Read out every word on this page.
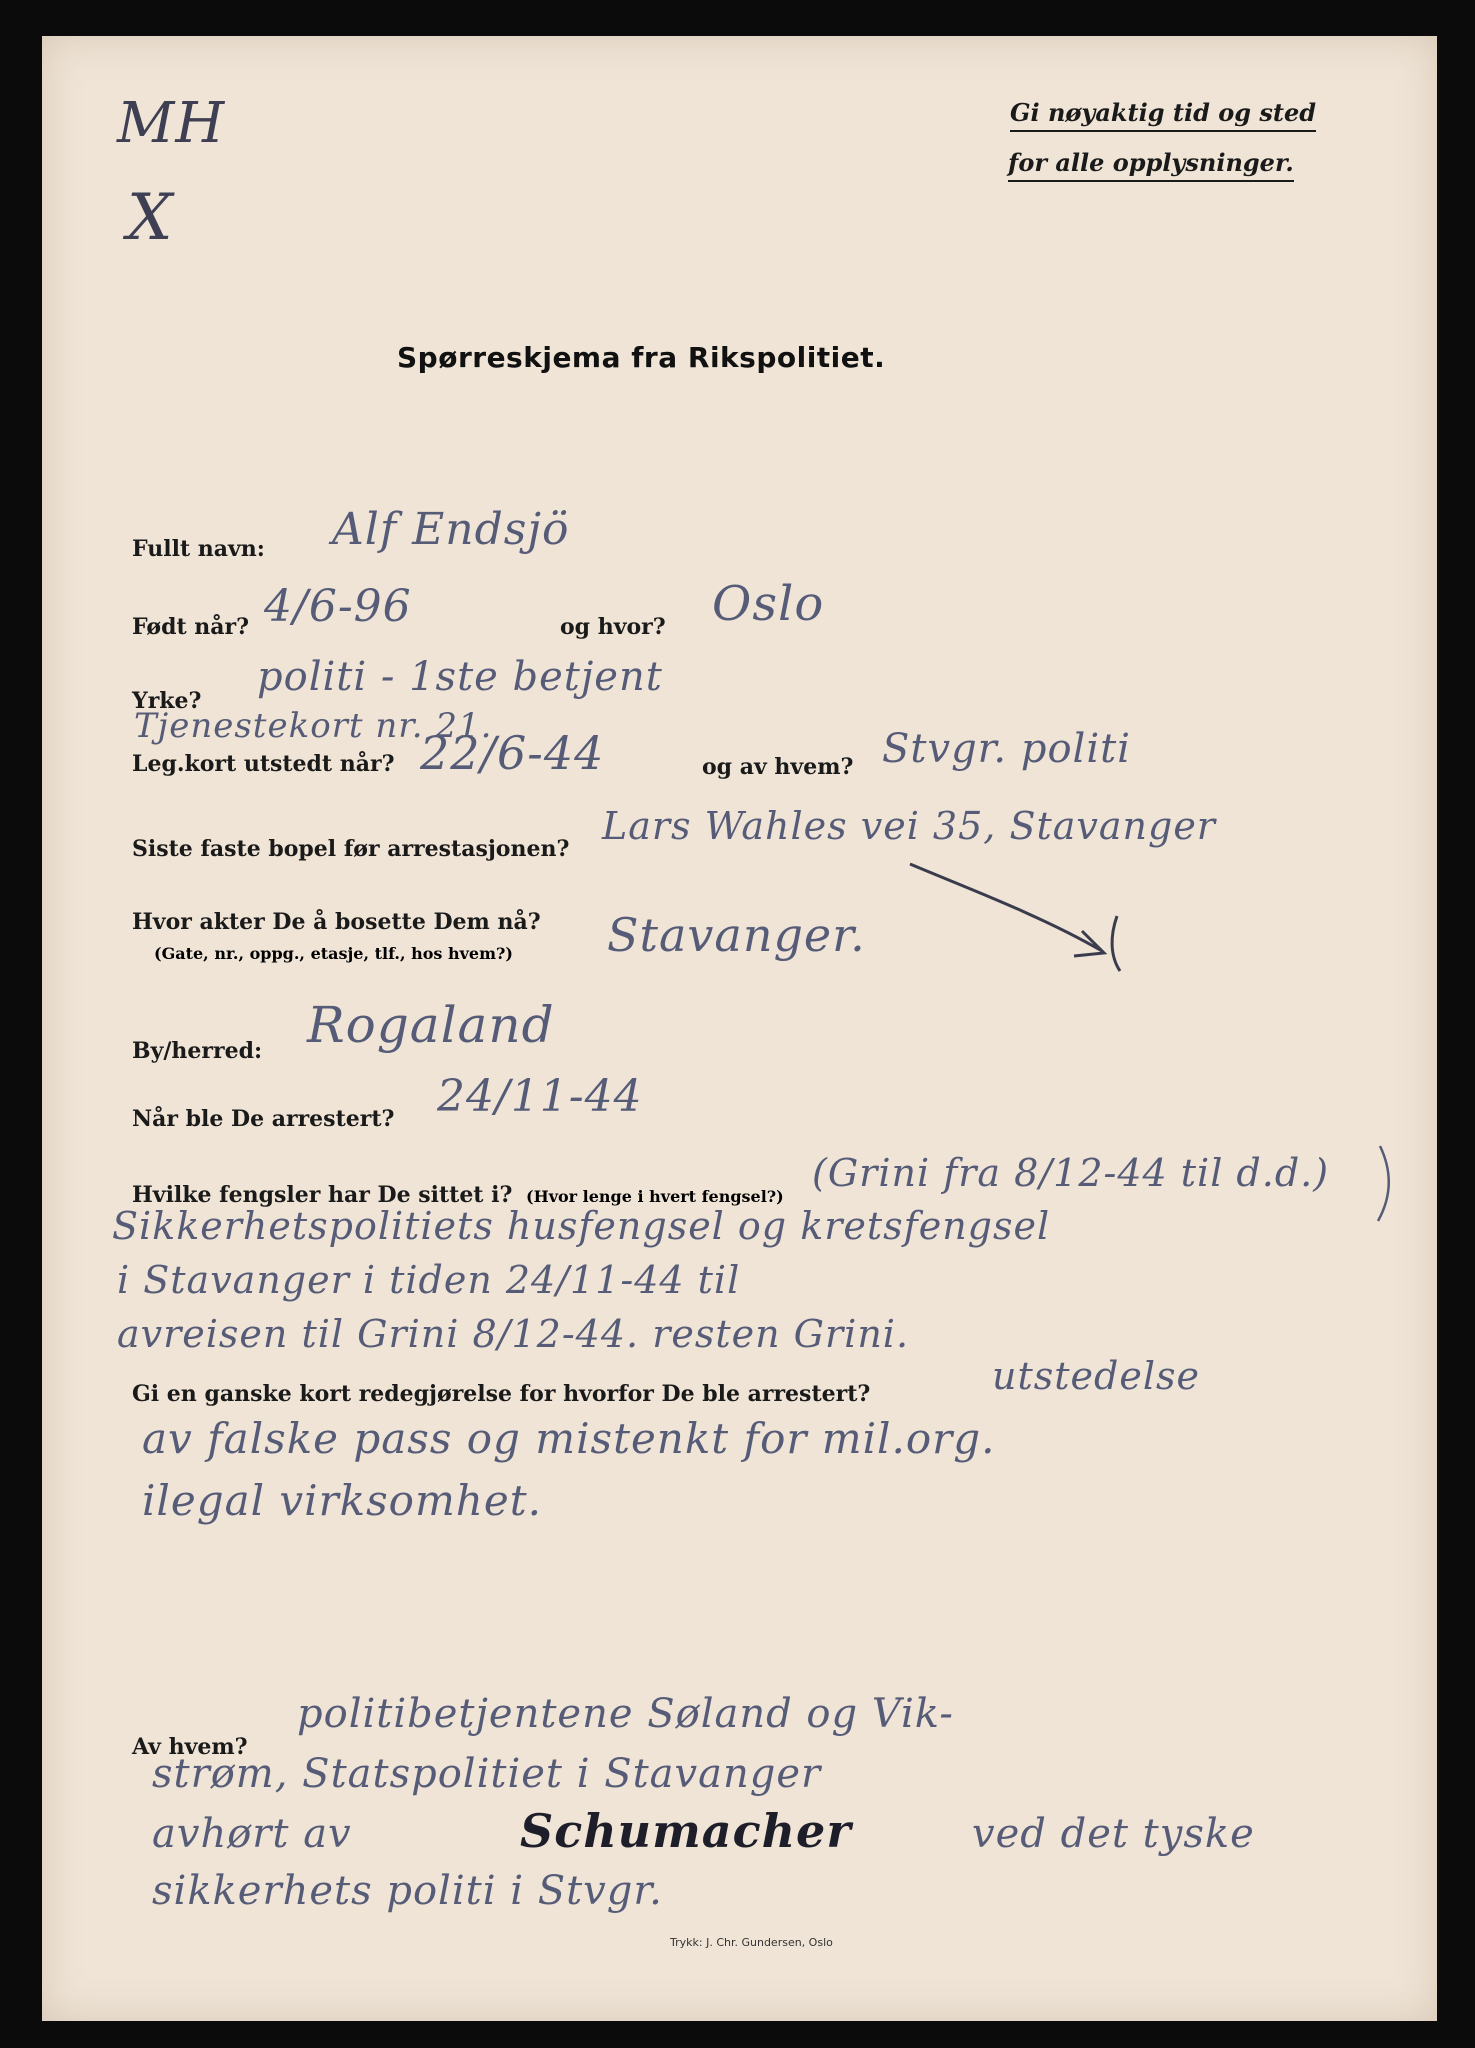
MH
X
Gi nøyaktig tid og sted
for alle opplysninger.
Spørreskjema fra Rikspolitiet.
Fullt navn: Alf Endsjö
Født når? 4/6-96	og hvor? Oslo
Yrke?
politi - 1ste betjent
Tjenestekort nr. 21.
Leg.kort utstedt når? 22/6-44	og av hvem? Stvgr. politi
Siste faste bopel før arrestasjonen?
Lars Wahles vei 35, Stavanger
Hvor akter De å bosette Dem nå?
(Gate, nr., oppg., etasje, tlf., hos hvem?) Stavanger.
By/herred: Rogaland
Når ble De arrestert? 24/11-44
Hvilke fengsler har De sittet i? (Hvor lenge i hvert fengsel?)
(Grini fra 8/12-44 til d.d.)
Sikkerhetspolitiets husfengsel og kretsfengsel
i Stavanger i tiden 24/11-44 til
avreisen til Grini 8/12-44. resten Grini.
Gi en ganske kort redegjørelse for hvorfor De ble arrestert?	utstedelse
av falske pass og mistenkt for mil.org.
ilegal virksomhet.
Av hvem?
politibetjentene Søland og Vik-
strøm, Statspolitiet i Stavanger
avhørt av	Schumacher	ved det tyske
sikkerhets politi i Stvgr.
Trykk: J. Chr. Gundersen, Oslo
